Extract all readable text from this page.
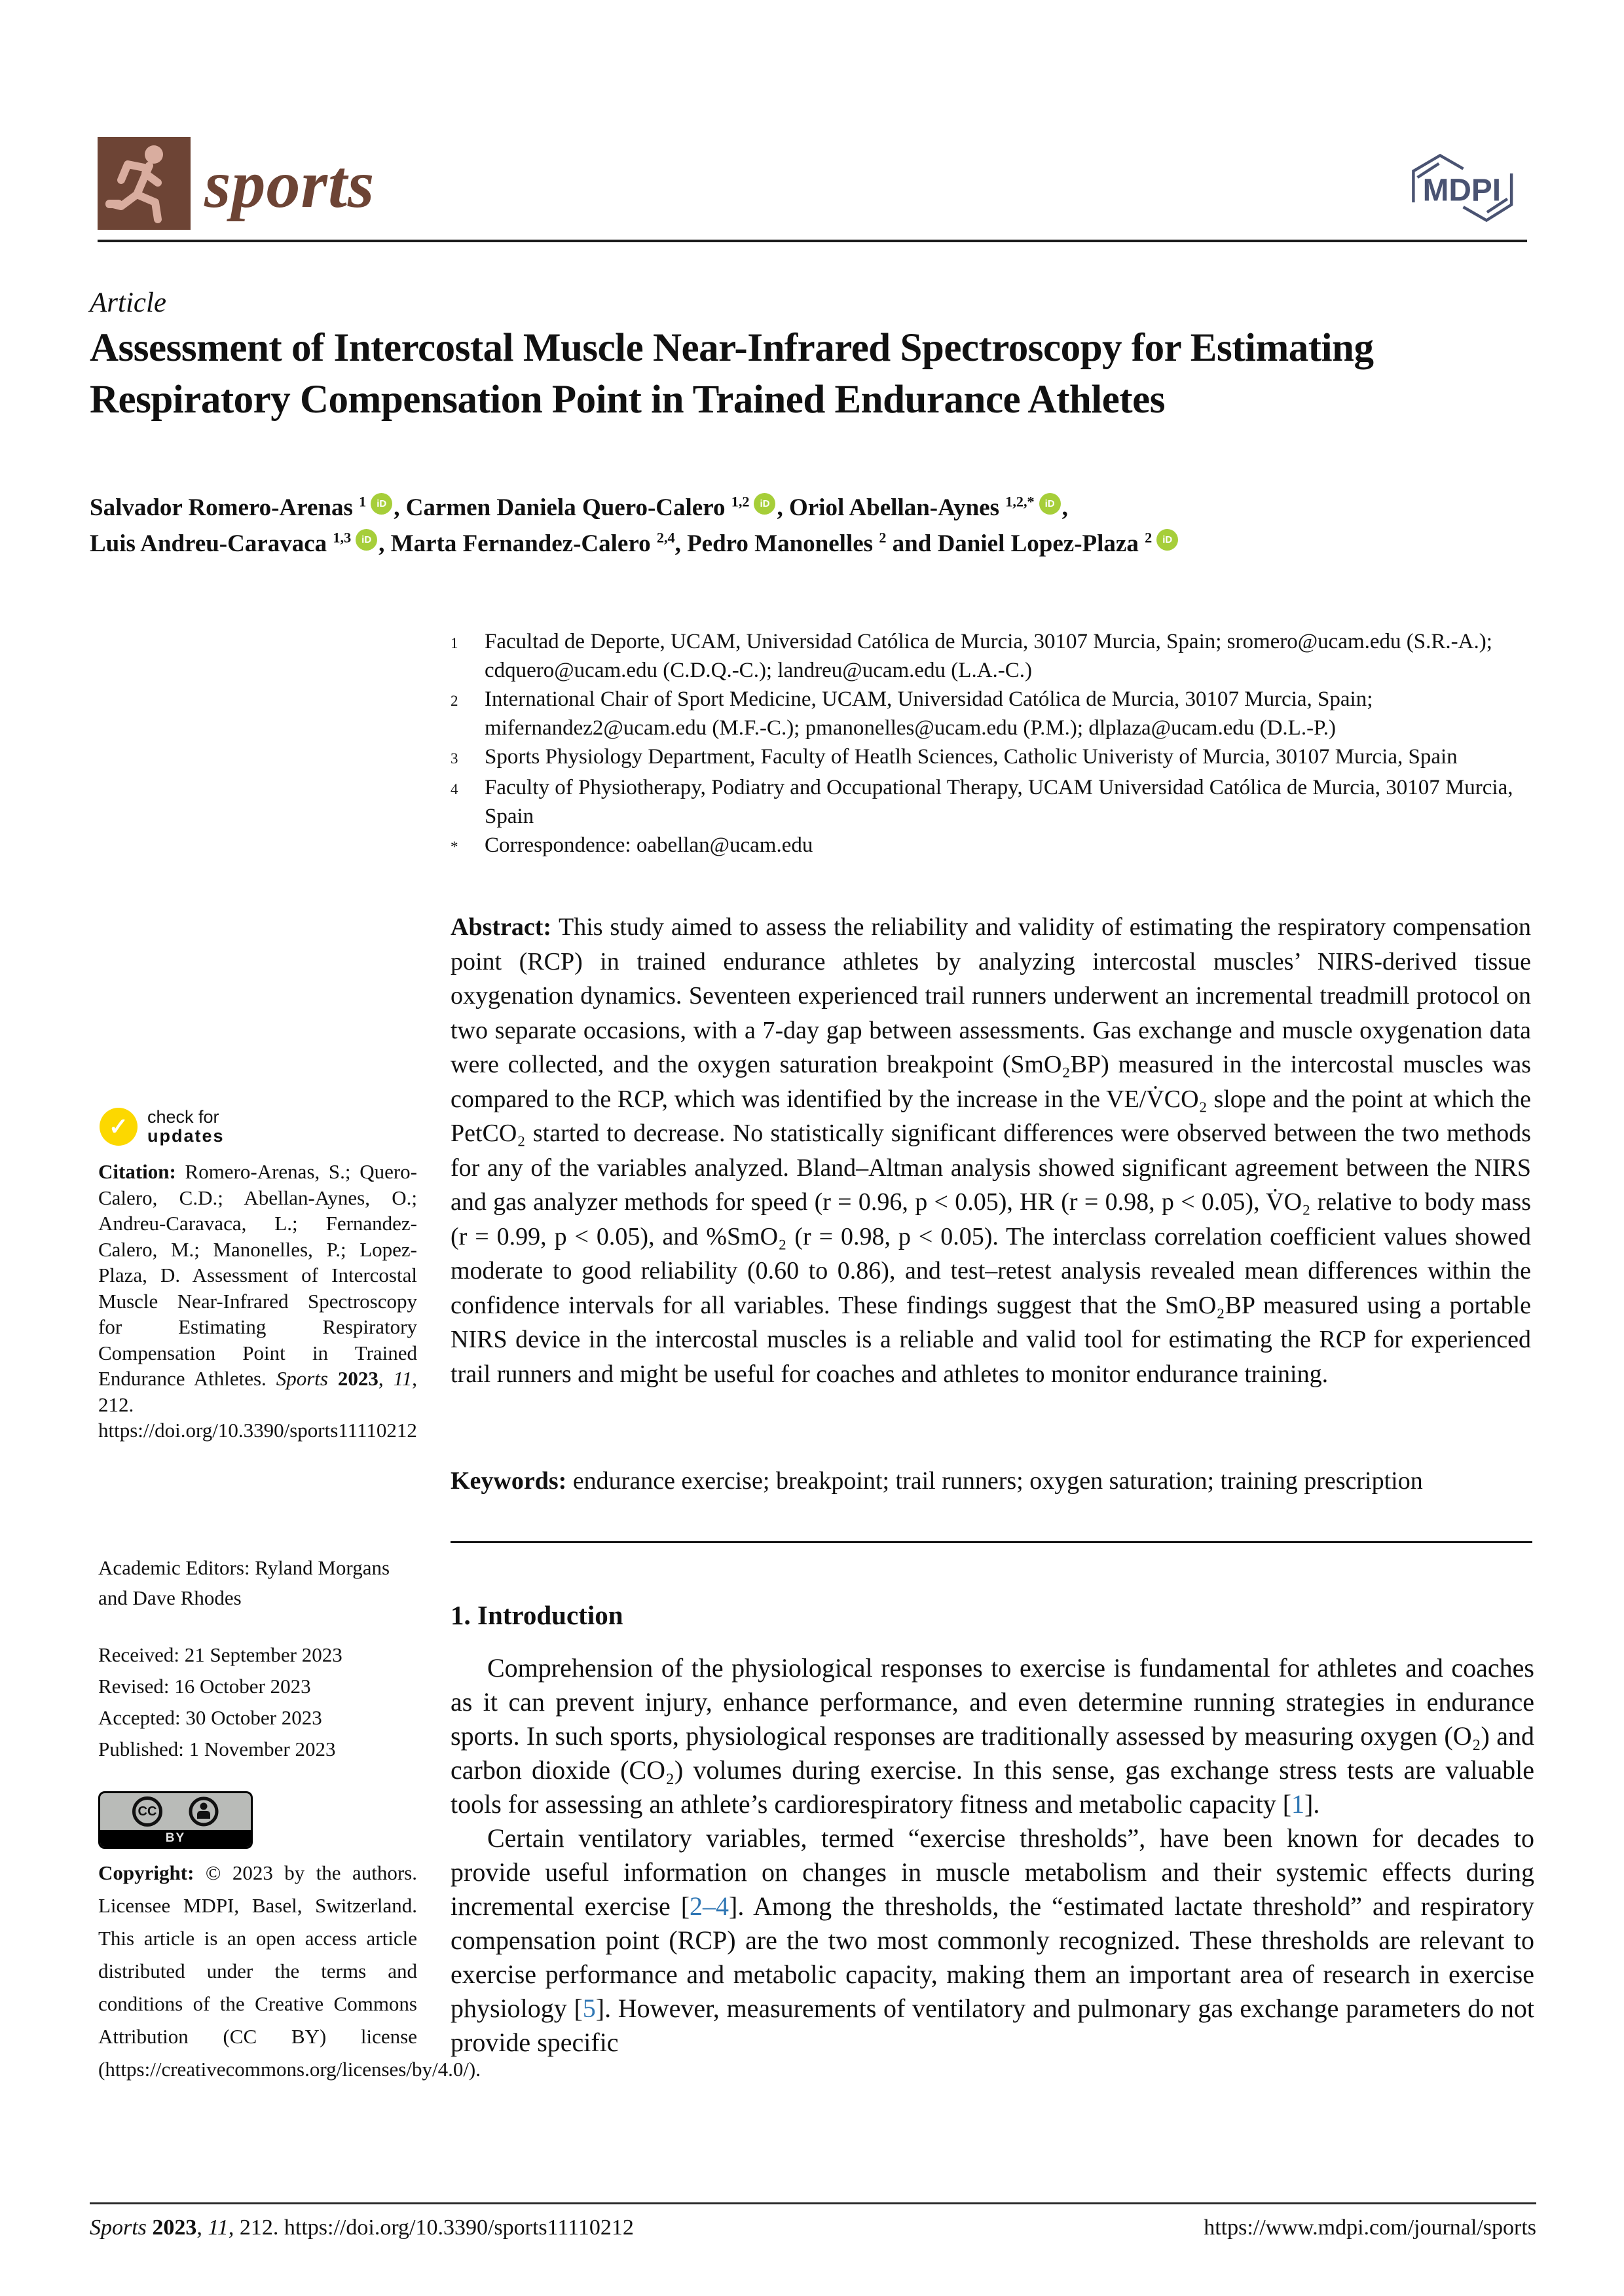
sports	MDPI
Article
Assessment of Intercostal Muscle Near-Infrared Spectroscopy for Estimating Respiratory Compensation Point in Trained Endurance Athletes
Salvador Romero-Arenas $^1$ iD , Carmen Daniela Quero-Calero $^{1,2}$ iD , Oriol Abellan-Aynes $^{1,2,*}$ iD ,
Luis Andreu-Caravaca $^{1,3}$ iD , Marta Fernandez-Calero $^{2,4}$, Pedro Manonelles $^2$ and Daniel Lopez-Plaza $^2$ iD
1	Facultad de Deporte, UCAM, Universidad Católica de Murcia, 30107 Murcia, Spain; sromero@ucam.edu (S.R.-A.); cdquero@ucam.edu (C.D.Q.-C.); landreu@ucam.edu (L.A.-C.)
2	International Chair of Sport Medicine, UCAM, Universidad Católica de Murcia, 30107 Murcia, Spain; mifernandez2@ucam.edu (M.F.-C.); pmanonelles@ucam.edu (P.M.); dlplaza@ucam.edu (D.L.-P.)
3	Sports Physiology Department, Faculty of Heatlh Sciences, Catholic Univeristy of Murcia, 30107 Murcia, Spain
4	Faculty of Physiotherapy, Podiatry and Occupational Therapy, UCAM Universidad Católica de Murcia, 30107 Murcia, Spain
*	Correspondence: oabellan@ucam.edu
Abstract: This study aimed to assess the reliability and validity of estimating the respiratory compensation point (RCP) in trained endurance athletes by analyzing intercostal muscles’ NIRS-derived tissue oxygenation dynamics. Seventeen experienced trail runners underwent an incremental treadmill protocol on two separate occasions, with a 7-day gap between assessments. Gas exchange and muscle oxygenation data were collected, and the oxygen saturation breakpoint (SmO₂BP) measured in the intercostal muscles was compared to the RCP, which was identified by the increase in the VE/V̇CO₂ slope and the point at which the PetCO₂ started to decrease. No statistically significant differences were observed between the two methods for any of the variables analyzed. Bland–Altman analysis showed significant agreement between the NIRS and gas analyzer methods for speed (r = 0.96, p < 0.05), HR (r = 0.98, p < 0.05), V̇O₂ relative to body mass (r = 0.99, p < 0.05), and %SmO₂ (r = 0.98, p < 0.05). The interclass correlation coefficient values showed moderate to good reliability (0.60 to 0.86), and test–retest analysis revealed mean differences within the confidence intervals for all variables. These findings suggest that the SmO₂BP measured using a portable NIRS device in the intercostal muscles is a reliable and valid tool for estimating the RCP for experienced trail runners and might be useful for coaches and athletes to monitor endurance training.
Keywords: endurance exercise; breakpoint; trail runners; oxygen saturation; training prescription
1. Introduction

Comprehension of the physiological responses to exercise is fundamental for athletes and coaches as it can prevent injury, enhance performance, and even determine running strategies in endurance sports. In such sports, physiological responses are traditionally assessed by measuring oxygen (O₂) and carbon dioxide (CO₂) volumes during exercise. In this sense, gas exchange stress tests are valuable tools for assessing an athlete’s cardiorespiratory fitness and metabolic capacity [1].

Certain ventilatory variables, termed “exercise thresholds”, have been known for decades to provide useful information on changes in muscle metabolism and their systemic effects during incremental exercise [2–4]. Among the thresholds, the “estimated lactate threshold” and respiratory compensation point (RCP) are the two most commonly recognized. These thresholds are relevant to exercise performance and metabolic capacity, making them an important area of research in exercise physiology [5]. However, measurements of ventilatory and pulmonary gas exchange parameters do not provide specific

✓ check for
updates
Citation: Romero-Arenas, S.; Quero-Calero, C.D.; Abellan-Aynes, O.; Andreu-Caravaca, L.; Fernandez-Calero, M.; Manonelles, P.; Lopez-Plaza, D. Assessment of Intercostal Muscle Near-Infrared Spectroscopy for Estimating Respiratory Compensation Point in Trained Endurance Athletes. Sports 2023, 11, 212. https://doi.org/10.3390/sports11110212
Academic Editors: Ryland Morgans and Dave Rhodes
Received: 21 September 2023
Revised: 16 October 2023
Accepted: 30 October 2023
Published: 1 November 2023
CC
BY
Copyright: © 2023 by the authors. Licensee MDPI, Basel, Switzerland. This article is an open access article distributed under the terms and conditions of the Creative Commons Attribution (CC BY) license (https://creativecommons.org/licenses/by/4.0/).
Sports 2023, 11, 212. https://doi.org/10.3390/sports11110212	https://www.mdpi.com/journal/sports
